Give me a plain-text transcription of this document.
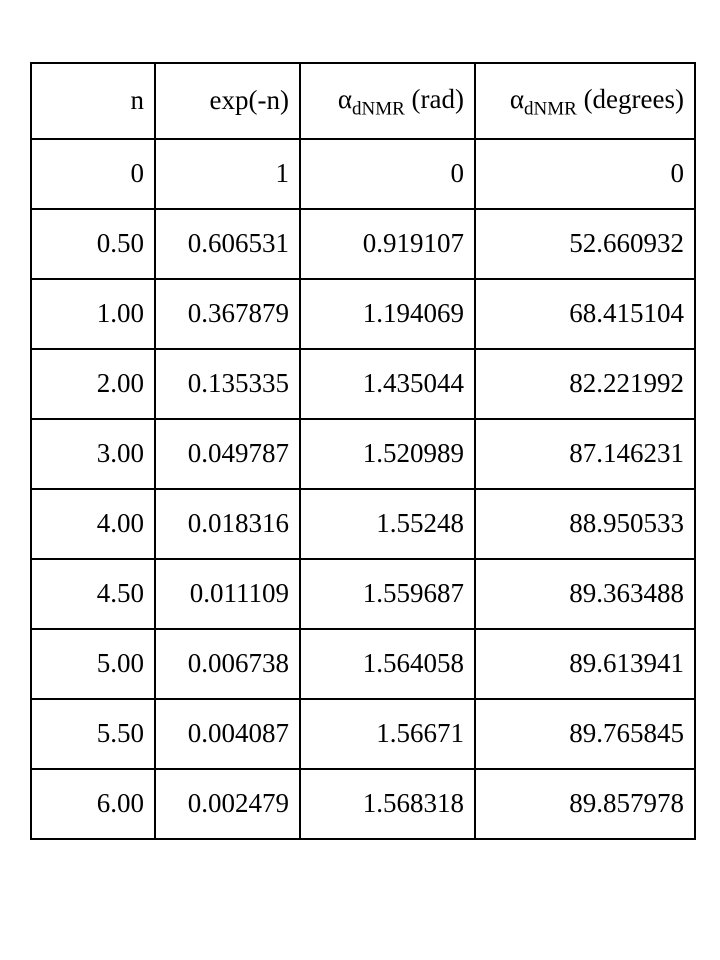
n	exp(-n)	$\alpha_{dNMR}$ (rad)	$\alpha_{dNMR}$ (degrees)
0	1	0	0
0.50	0.606531	0.919107	52.660932
1.00	0.367879	1.194069	68.415104
2.00	0.135335	1.435044	82.221992
3.00	0.049787	1.520989	87.146231
4.00	0.018316	1.55248	88.950533
4.50	0.011109	1.559687	89.363488
5.00	0.006738	1.564058	89.613941
5.50	0.004087	1.56671	89.765845
6.00	0.002479	1.568318	89.857978
